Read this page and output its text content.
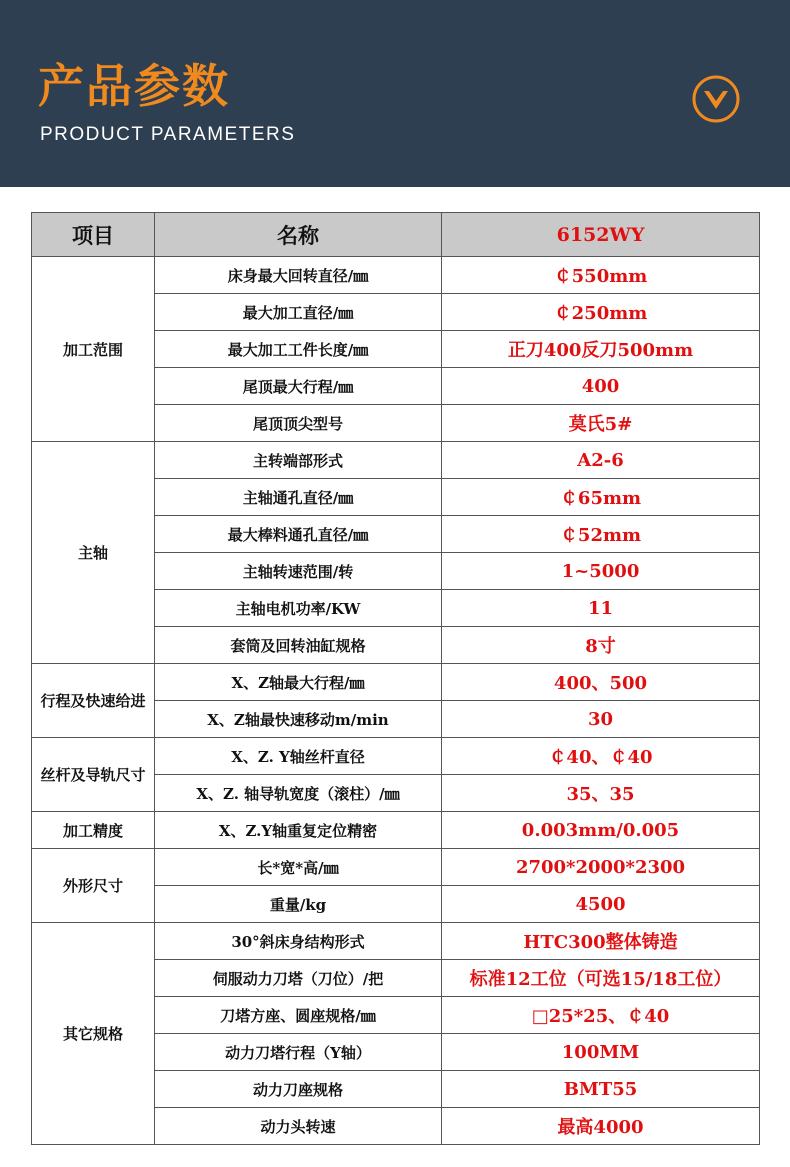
产品参数
PRODUCT PARAMETERS
项目	名称	6152WY
加工范围	床身最大回转直径/㎜	￠550mm
	最大加工直径/㎜	￠250mm
	最大加工工件长度/㎜	正刀400反刀500mm
	尾顶最大行程/㎜	400
	尾顶顶尖型号	莫氏5#
主轴	主转端部形式	A2-6
	主轴通孔直径/㎜	￠65mm
	最大棒料通孔直径/㎜	￠52mm
	主轴转速范围/转	1~5000
	主轴电机功率/KW	11
	套筒及回转油缸规格	8寸
行程及快速给进	X、Z轴最大行程/㎜	400、500
	X、Z轴最快速移动m/min	30
丝杆及导轨尺寸	X、Z. Y轴丝杆直径	￠40、￠40
	X、Z. 轴导轨宽度（滚柱）/㎜	35、35
加工精度	X、Z.Y轴重复定位精密	0.003mm/0.005
外形尺寸	长*宽*高/㎜	2700*2000*2300
	重量/kg	4500
其它规格	30°斜床身结构形式	HTC300整体铸造
	伺服动力刀塔（刀位）/把	标准12工位（可选15/18工位）
	刀塔方座、圆座规格/㎜	□25*25、￠40
	动力刀塔行程（Y轴）	100MM
	动力刀座规格	BMT55
	动力头转速	最高4000
